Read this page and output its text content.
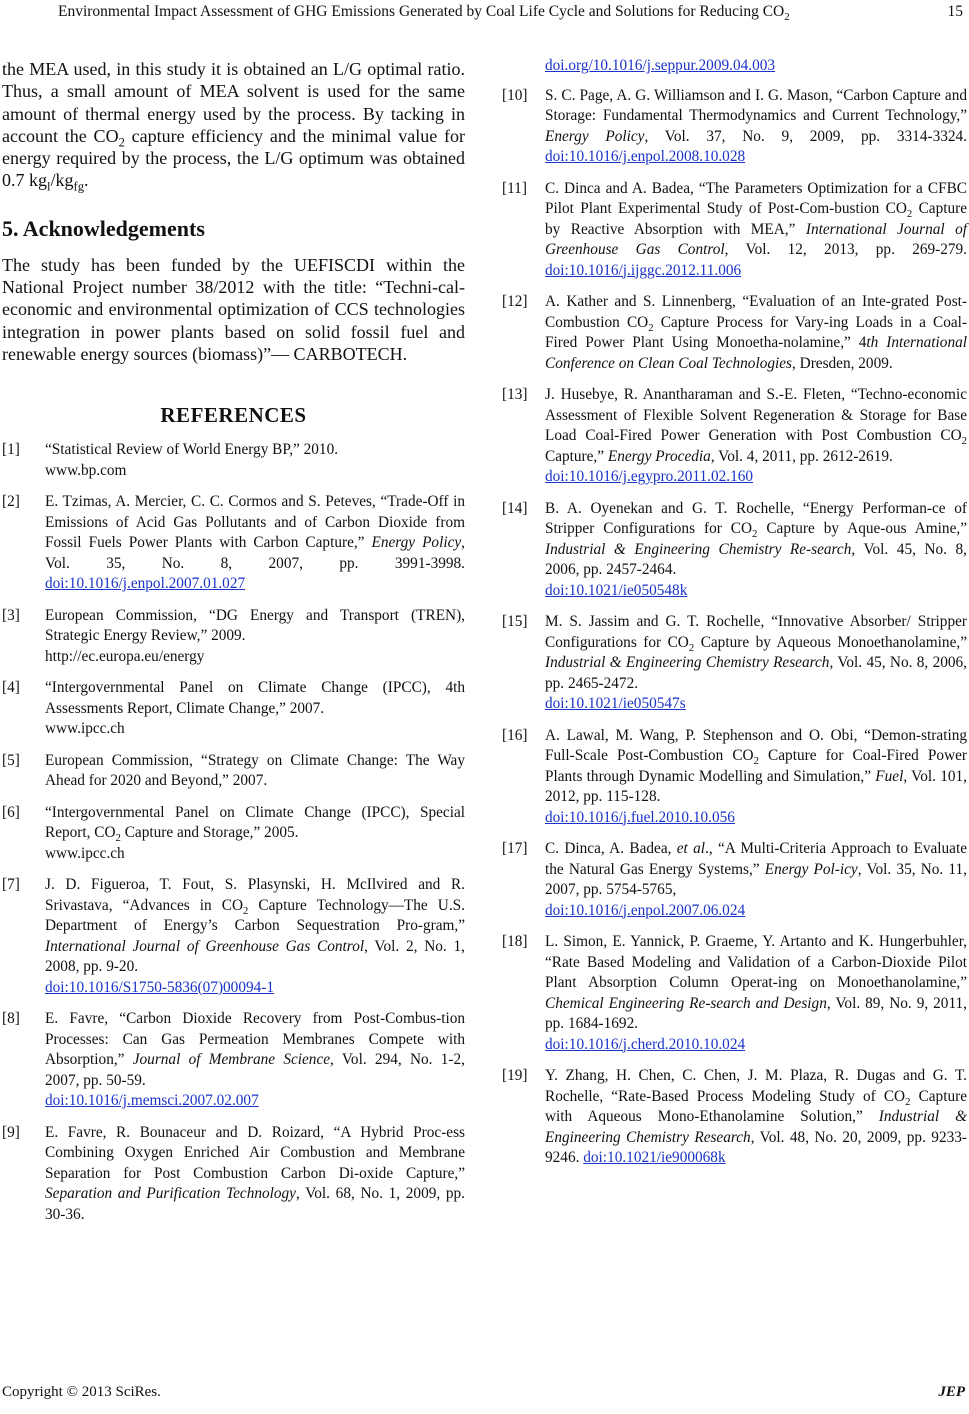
Environmental Impact Assessment of GHG Emissions Generated by Coal Life Cycle and Solutions for Reducing $CO_2$	15

the MEA used, in this study it is obtained an L/G optimal ratio. Thus, a small amount of MEA solvent is used for the same amount of thermal energy used by the process. By tacking in account the $CO_2$ capture efficiency and the minimal value for energy required by the process, the L/G optimum was obtained 0.7 $kg_l/kg_{fg}$.

5. Acknowledgements

The study has been funded by the UEFISCDI within the National Project number 38/2012 with the title: “Techni-cal-economic and environmental optimization of CCS technologies integration in power plants based on solid fossil fuel and renewable energy sources (biomass)”— CARBOTECH.

REFERENCES
[1]	“Statistical Review of World Energy BP,” 2010.
www.bp.com
[2]	E. Tzimas, A. Mercier, C. C. Cormos and S. Peteves, “Trade-Off in Emissions of Acid Gas Pollutants and of Carbon Dioxide from Fossil Fuels Power Plants with Carbon Capture,” Energy Policy, Vol. 35, No. 8, 2007, pp. 3991-3998. doi:10.1016/j.enpol.2007.01.027
[3]	European Commission, “DG Energy and Transport (TREN), Strategic Energy Review,” 2009.
http://ec.europa.eu/energy
[4]	“Intergovernmental Panel on Climate Change (IPCC), 4th Assessments Report, Climate Change,” 2007.
www.ipcc.ch
[5]	European Commission, “Strategy on Climate Change: The Way Ahead for 2020 and Beyond,” 2007.
[6]	“Intergovernmental Panel on Climate Change (IPCC), Special Report, $CO_2$ Capture and Storage,” 2005.
www.ipcc.ch
[7]	J. D. Figueroa, T. Fout, S. Plasynski, H. McIlvired and R. Srivastava, “Advances in $CO_2$ Capture Technology—The U.S. Department of Energy’s Carbon Sequestration Pro-gram,” International Journal of Greenhouse Gas Control, Vol. 2, No. 1, 2008, pp. 9-20.
doi:10.1016/S1750-5836(07)00094-1
[8]	E. Favre, “Carbon Dioxide Recovery from Post-Combus-tion Processes: Can Gas Permeation Membranes Compete with Absorption,” Journal of Membrane Science, Vol. 294, No. 1-2, 2007, pp. 50-59.
doi:10.1016/j.memsci.2007.02.007
[9]	E. Favre, R. Bounaceur and D. Roizard, “A Hybrid Proc-ess Combining Oxygen Enriched Air Combustion and Membrane Separation for Post Combustion Carbon Di-oxide Capture,” Separation and Purification Technology, Vol. 68, No. 1, 2009, pp. 30-36.
doi.org/10.1016/j.seppur.2009.04.003
[10]	S. C. Page, A. G. Williamson and I. G. Mason, “Carbon Capture and Storage: Fundamental Thermodynamics and Current Technology,” Energy Policy, Vol. 37, No. 9, 2009, pp. 3314-3324. doi:10.1016/j.enpol.2008.10.028
[11]	C. Dinca and A. Badea, “The Parameters Optimization for a CFBC Pilot Plant Experimental Study of Post-Com-bustion $CO_2$ Capture by Reactive Absorption with MEA,” International Journal of Greenhouse Gas Control, Vol. 12, 2013, pp. 269-279. doi:10.1016/j.ijggc.2012.11.006
[12]	A. Kather and S. Linnenberg, “Evaluation of an Inte-grated Post-Combustion $CO_2$ Capture Process for Vary-ing Loads in a Coal-Fired Power Plant Using Monoetha-nolamine,” 4th International Conference on Clean Coal Technologies, Dresden, 2009.
[13]	J. Husebye, R. Anantharaman and S.-E. Fleten, “Techno-economic Assessment of Flexible Solvent Regeneration & Storage for Base Load Coal-Fired Power Generation with Post Combustion $CO_2$ Capture,” Energy Procedia, Vol. 4, 2011, pp. 2612-2619.
doi:10.1016/j.egypro.2011.02.160
[14]	B. A. Oyenekan and G. T. Rochelle, “Energy Performan-ce of Stripper Configurations for $CO_2$ Capture by Aque-ous Amine,” Industrial & Engineering Chemistry Re-search, Vol. 45, No. 8, 2006, pp. 2457-2464.
doi:10.1021/ie050548k
[15]	M. S. Jassim and G. T. Rochelle, “Innovative Absorber/ Stripper Configurations for $CO_2$ Capture by Aqueous Monoethanolamine,” Industrial & Engineering Chemistry Research, Vol. 45, No. 8, 2006, pp. 2465-2472.
doi:10.1021/ie050547s
[16]	A. Lawal, M. Wang, P. Stephenson and O. Obi, “Demon-strating Full-Scale Post-Combustion $CO_2$ Capture for Coal-Fired Power Plants through Dynamic Modelling and Simulation,” Fuel, Vol. 101, 2012, pp. 115-128.
doi:10.1016/j.fuel.2010.10.056
[17]	C. Dinca, A. Badea, et al., “A Multi-Criteria Approach to Evaluate the Natural Gas Energy Systems,” Energy Pol-icy, Vol. 35, No. 11, 2007, pp. 5754-5765,
doi:10.1016/j.enpol.2007.06.024
[18]	L. Simon, E. Yannick, P. Graeme, Y. Artanto and K. Hungerbuhler, “Rate Based Modeling and Validation of a Carbon-Dioxide Pilot Plant Absorption Column Operat-ing on Monoethanolamine,” Chemical Engineering Re-search and Design, Vol. 89, No. 9, 2011, pp. 1684-1692.
doi:10.1016/j.cherd.2010.10.024
[19]	Y. Zhang, H. Chen, C. Chen, J. M. Plaza, R. Dugas and G. T. Rochelle, “Rate-Based Process Modeling Study of $CO_2$ Capture with Aqueous Mono-Ethanolamine Solution,” Industrial & Engineering Chemistry Research, Vol. 48, No. 20, 2009, pp. 9233-9246. doi:10.1021/ie900068k
Copyright © 2013 SciRes.	JEP
